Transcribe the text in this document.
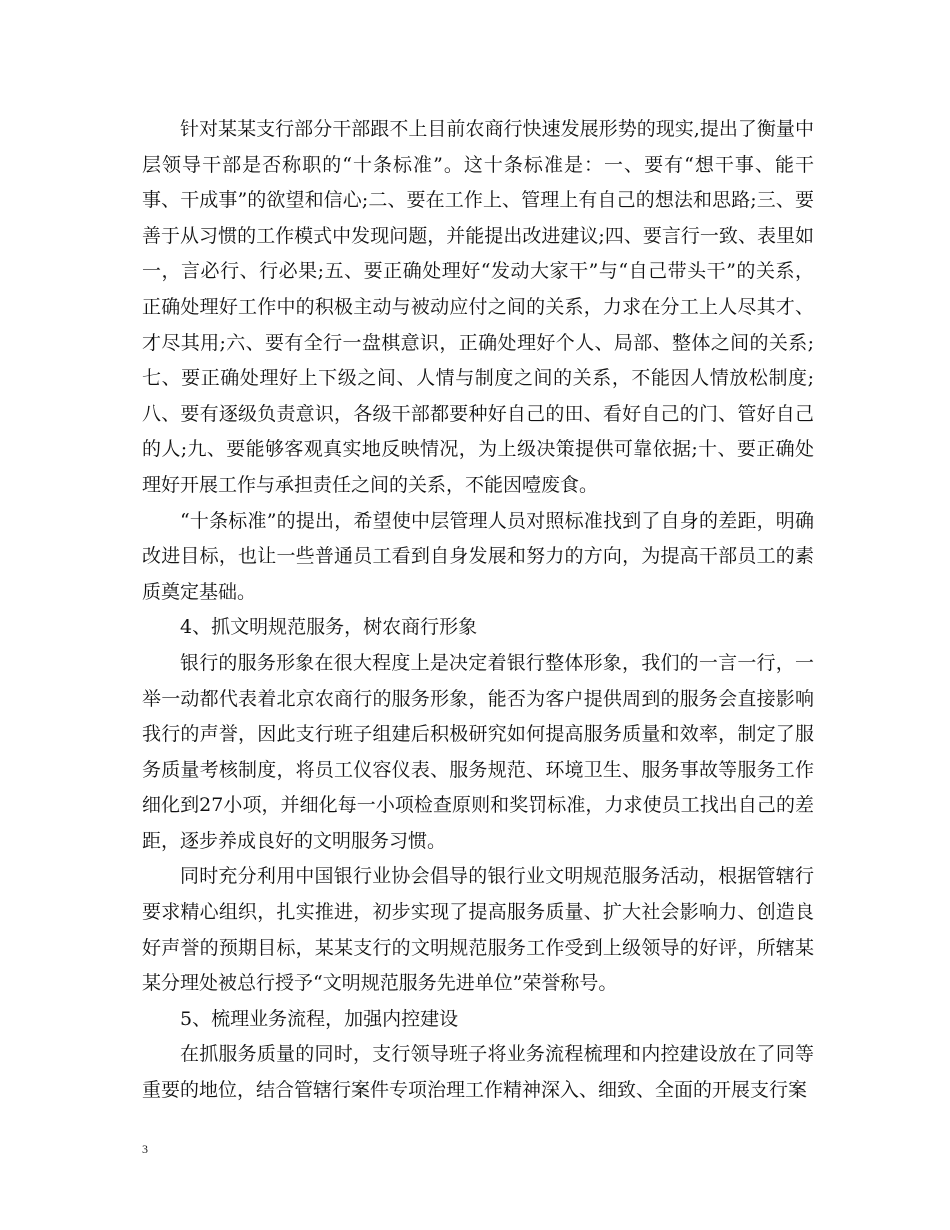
针对某某支行部分干部跟不上目前农商行快速发展形势的现实,提出了衡量中层领导干部是否称职的“十条标准”。这十条标准是：一、要有“想干事、能干事、干成事”的欲望和信心;二、要在工作上、管理上有自己的想法和思路;三、要善于从习惯的工作模式中发现问题，并能提出改进建议;四、要言行一致、表里如一，言必行、行必果;五、要正确处理好“发动大家干”与“自己带头干”的关系，正确处理好工作中的积极主动与被动应付之间的关系，力求在分工上人尽其才、才尽其用;六、要有全行一盘棋意识，正确处理好个人、局部、整体之间的关系;七、要正确处理好上下级之间、人情与制度之间的关系，不能因人情放松制度;八、要有逐级负责意识，各级干部都要种好自己的田、看好自己的门、管好自己的人;九、要能够客观真实地反映情况，为上级决策提供可靠依据;十、要正确处理好开展工作与承担责任之间的关系，不能因噎废食。

“十条标准”的提出，希望使中层管理人员对照标准找到了自身的差距，明确改进目标，也让一些普通员工看到自身发展和努力的方向，为提高干部员工的素质奠定基础。

4、抓文明规范服务，树农商行形象

银行的服务形象在很大程度上是决定着银行整体形象，我们的一言一行，一举一动都代表着北京农商行的服务形象，能否为客户提供周到的服务会直接影响我行的声誉，因此支行班子组建后积极研究如何提高服务质量和效率，制定了服务质量考核制度，将员工仪容仪表、服务规范、环境卫生、服务事故等服务工作细化到27小项，并细化每一小项检查原则和奖罚标准，力求使员工找出自己的差距，逐步养成良好的文明服务习惯。

同时充分利用中国银行业协会倡导的银行业文明规范服务活动，根据管辖行要求精心组织，扎实推进，初步实现了提高服务质量、扩大社会影响力、创造良好声誉的预期目标，某某支行的文明规范服务工作受到上级领导的好评，所辖某某分理处被总行授予“文明规范服务先进单位”荣誉称号。

5、梳理业务流程，加强内控建设

在抓服务质量的同时，支行领导班子将业务流程梳理和内控建设放在了同等重要的地位，结合管辖行案件专项治理工作精神深入、细致、全面的开展支行案

3
